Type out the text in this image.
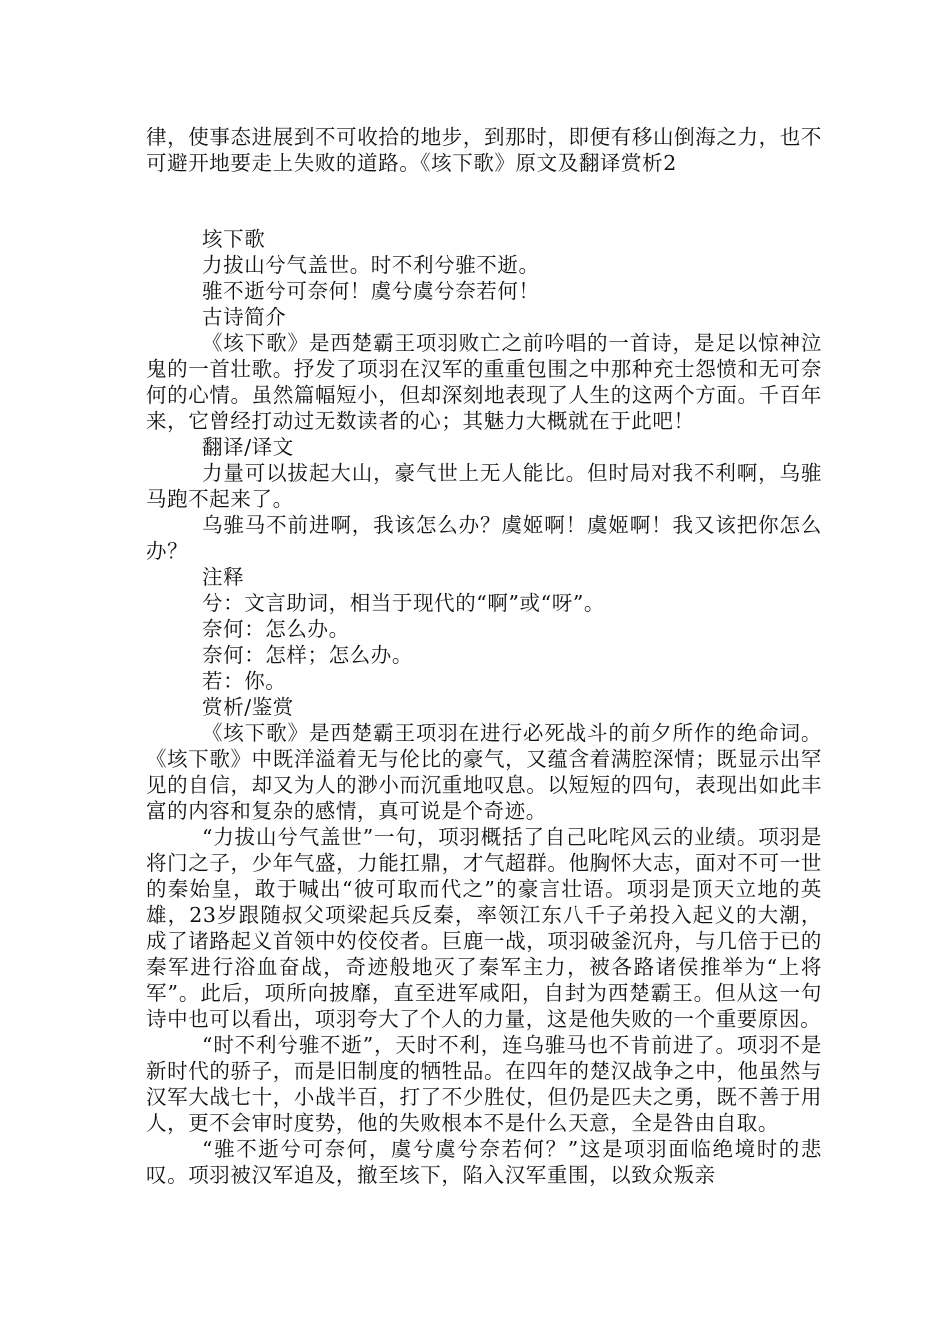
律，使事态进展到不可收拾的地步，到那时，即便有移山倒海之力，也不可避开地要走上失败的道路。《垓下歌》原文及翻译赏析2

垓下歌

力拔山兮气盖世。时不利兮骓不逝。

骓不逝兮可奈何！虞兮虞兮奈若何！

古诗简介

《垓下歌》是西楚霸王项羽败亡之前吟唱的一首诗，是足以惊神泣鬼的一首壮歌。抒发了项羽在汉军的重重包围之中那种充士怨愤和无可奈何的心情。虽然篇幅短小，但却深刻地表现了人生的这两个方面。千百年来，它曾经打动过无数读者的心；其魅力大概就在于此吧！

翻译/译文

力量可以拔起大山，豪气世上无人能比。但时局对我不利啊，乌骓马跑不起来了。

乌骓马不前进啊，我该怎么办？虞姬啊！虞姬啊！我又该把你怎么办？

注释

兮：文言助词，相当于现代的“啊”或“呀”。

奈何：怎么办。

奈何：怎样；怎么办。

若：你。

赏析/鉴赏

《垓下歌》是西楚霸王项羽在进行必死战斗的前夕所作的绝命词。《垓下歌》中既洋溢着无与伦比的豪气，又蕴含着满腔深情；既显示出罕见的自信，却又为人的渺小而沉重地叹息。以短短的四句，表现出如此丰富的内容和复杂的感情，真可说是个奇迹。

“力拔山兮气盖世”一句，项羽概括了自己叱咤风云的业绩。项羽是将门之子，少年气盛，力能扛鼎，才气超群。他胸怀大志，面对不可一世的秦始皇，敢于喊出“彼可取而代之”的豪言壮语。项羽是顶天立地的英雄，23岁跟随叔父项梁起兵反秦，率领江东八千子弟投入起义的大潮，成了诸路起义首领中妁佼佼者。巨鹿一战，项羽破釜沉舟，与几倍于已的秦军进行浴血奋战，奇迹般地灭了秦军主力，被各路诸侯推举为“上将军”。此后，项所向披靡，直至进军咸阳，自封为西楚霸王。但从这一句诗中也可以看出，项羽夸大了个人的力量，这是他失败的一个重要原因。

“时不利兮骓不逝”，天时不利，连乌骓马也不肯前进了。项羽不是新时代的骄子，而是旧制度的牺牲品。在四年的楚汉战争之中，他虽然与汉军大战七十，小战半百，打了不少胜仗，但仍是匹夫之勇，既不善于用人，更不会审时度势，他的失败根本不是什么天意，全是咎由自取。

“骓不逝兮可奈何，虞兮虞兮奈若何？”这是项羽面临绝境时的悲叹。项羽被汉军追及，撤至垓下，陷入汉军重围，以致众叛亲
